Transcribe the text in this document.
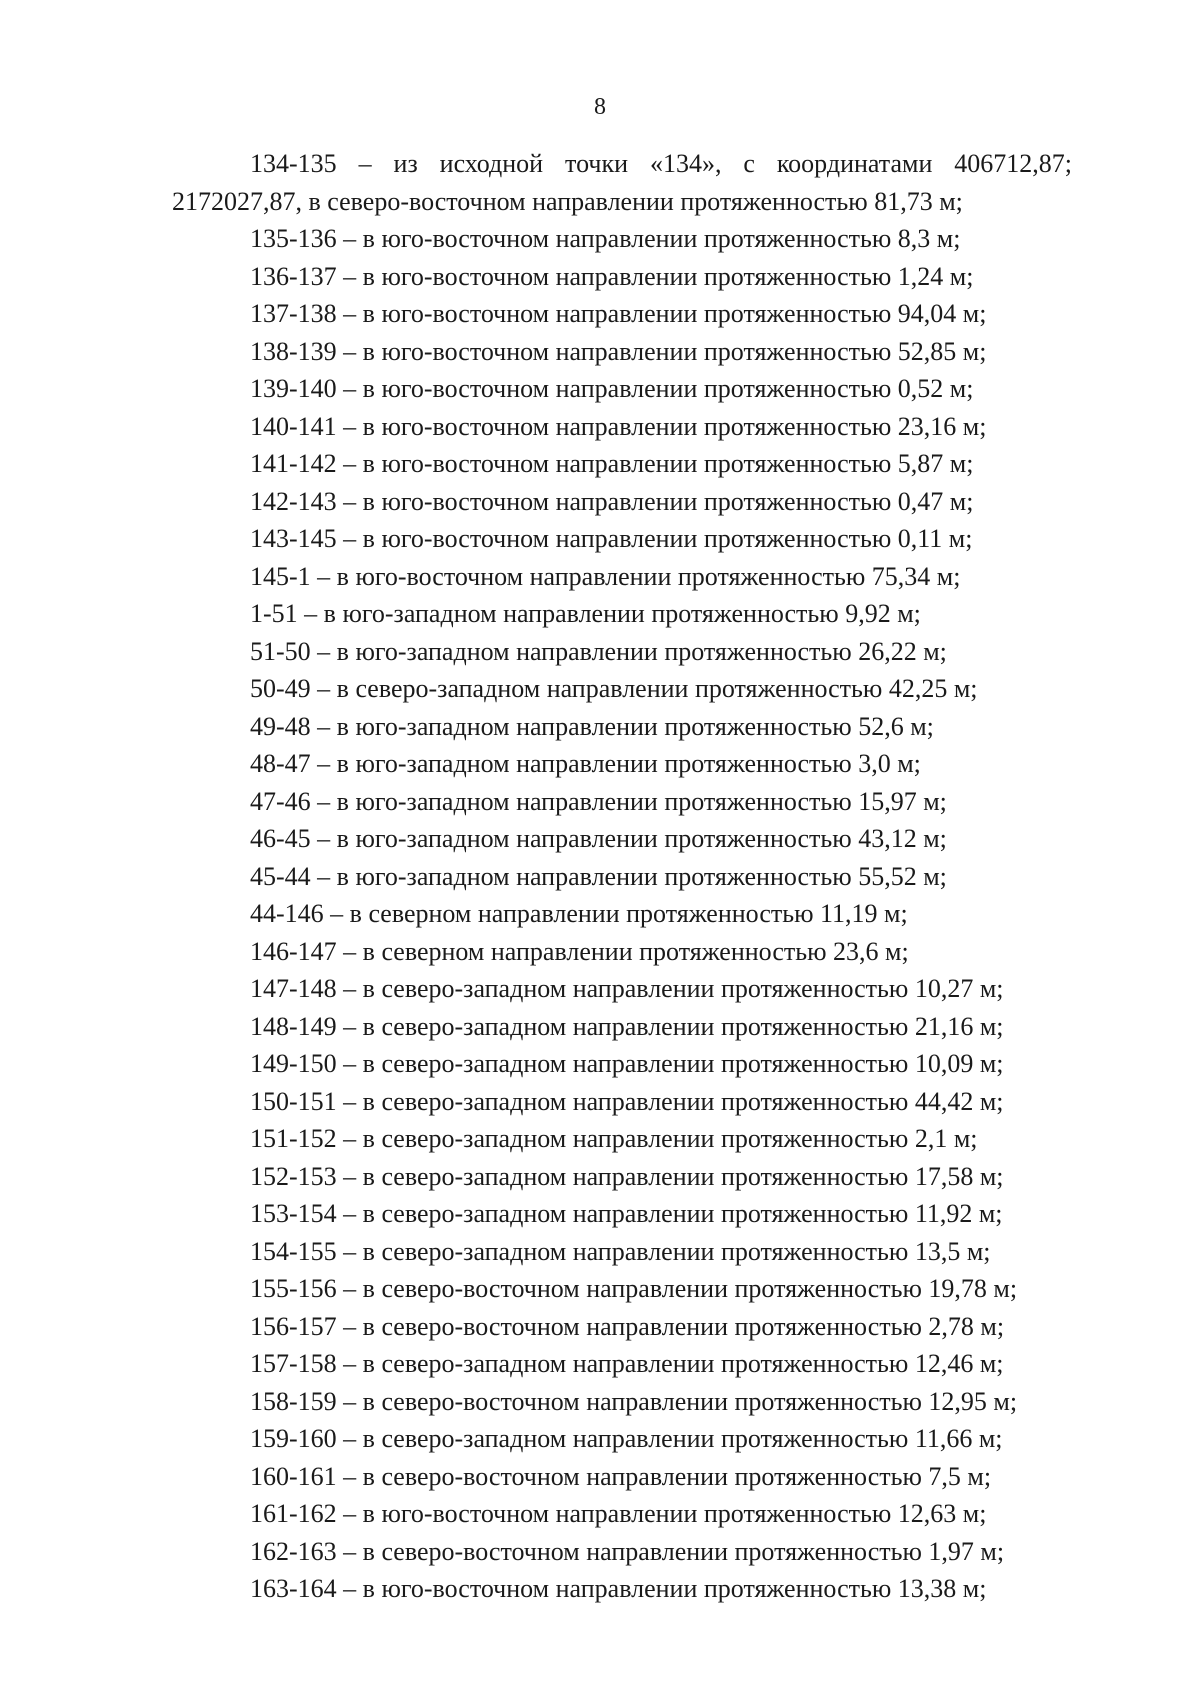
8

134-135 – из исходной точки «134», с координатами 406712,87; 2172027,87, в северо-восточном направлении протяженностью 81,73 м;

135-136 – в юго-восточном направлении протяженностью 8,3 м;
136-137 – в юго-восточном направлении протяженностью 1,24 м;
137-138 – в юго-восточном направлении протяженностью 94,04 м;
138-139 – в юго-восточном направлении протяженностью 52,85 м;
139-140 – в юго-восточном направлении протяженностью 0,52 м;
140-141 – в юго-восточном направлении протяженностью 23,16 м;
141-142 – в юго-восточном направлении протяженностью 5,87 м;
142-143 – в юго-восточном направлении протяженностью 0,47 м;
143-145 – в юго-восточном направлении протяженностью 0,11 м;
145-1 – в юго-восточном направлении протяженностью 75,34 м;
1-51 – в юго-западном направлении протяженностью 9,92 м;
51-50 – в юго-западном направлении протяженностью 26,22 м;
50-49 – в северо-западном направлении протяженностью 42,25 м;
49-48 – в юго-западном направлении протяженностью 52,6 м;
48-47 – в юго-западном направлении протяженностью 3,0 м;
47-46 – в юго-западном направлении протяженностью 15,97 м;
46-45 – в юго-западном направлении протяженностью 43,12 м;
45-44 – в юго-западном направлении протяженностью 55,52 м;
44-146 – в северном направлении протяженностью 11,19 м;
146-147 – в северном направлении протяженностью 23,6 м;
147-148 – в северо-западном направлении протяженностью 10,27 м;
148-149 – в северо-западном направлении протяженностью 21,16 м;
149-150 – в северо-западном направлении протяженностью 10,09 м;
150-151 – в северо-западном направлении протяженностью 44,42 м;
151-152 – в северо-западном направлении протяженностью 2,1 м;
152-153 – в северо-западном направлении протяженностью 17,58 м;
153-154 – в северо-западном направлении протяженностью 11,92 м;
154-155 – в северо-западном направлении протяженностью 13,5 м;
155-156 – в северо-восточном направлении протяженностью 19,78 м;
156-157 – в северо-восточном направлении протяженностью 2,78 м;
157-158 – в северо-западном направлении протяженностью 12,46 м;
158-159 – в северо-восточном направлении протяженностью 12,95 м;
159-160 – в северо-западном направлении протяженностью 11,66 м;
160-161 – в северо-восточном направлении протяженностью 7,5 м;
161-162 – в юго-восточном направлении протяженностью 12,63 м;
162-163 – в северо-восточном направлении протяженностью 1,97 м;
163-164 – в юго-восточном направлении протяженностью 13,38 м;
